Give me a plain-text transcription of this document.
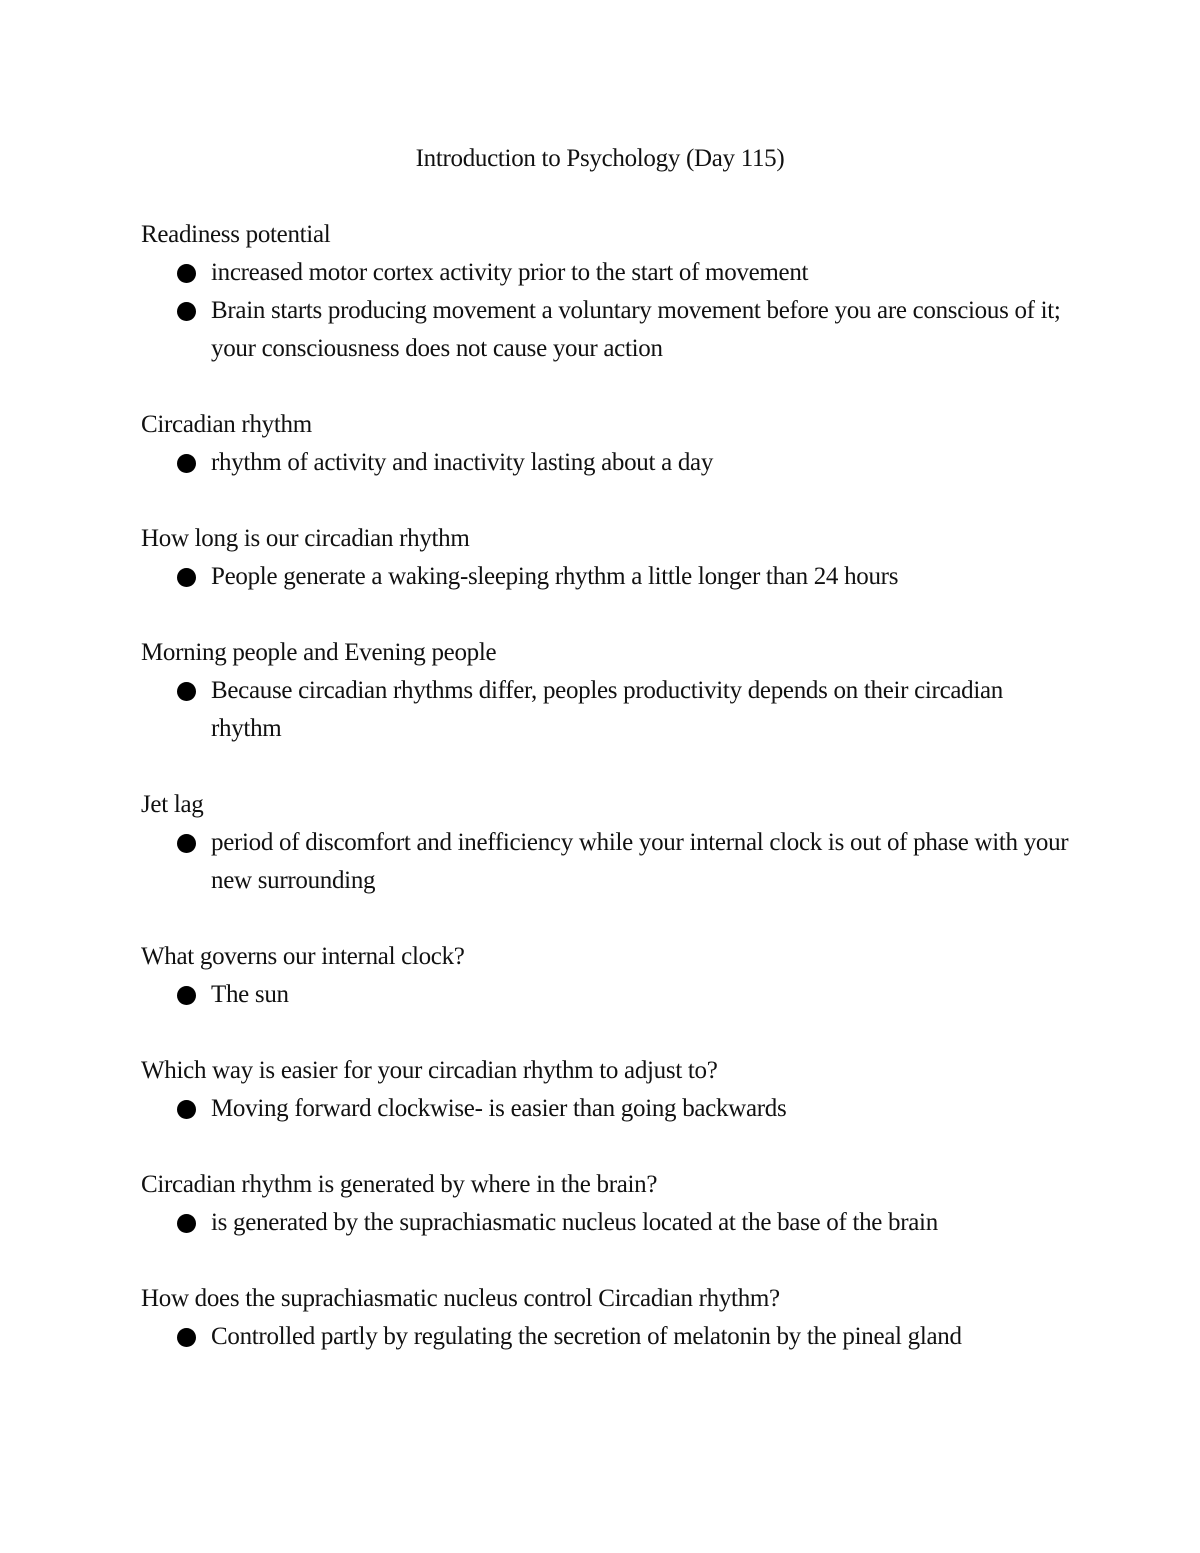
Introduction to Psychology (Day 115)
Readiness potential
increased motor cortex activity prior to the start of movement
Brain starts producing movement a voluntary movement before you are conscious of it; your consciousness does not cause your action
Circadian rhythm
rhythm of activity and inactivity lasting about a day
How long is our circadian rhythm
People generate a waking-sleeping rhythm a little longer than 24 hours
Morning people and Evening people
Because circadian rhythms differ, peoples productivity depends on their circadian rhythm
Jet lag
period of discomfort and inefficiency while your internal clock is out of phase with your new surrounding
What governs our internal clock?
The sun
Which way is easier for your circadian rhythm to adjust to?
Moving forward clockwise- is easier than going backwards
Circadian rhythm is generated by where in the brain?
is generated by the suprachiasmatic nucleus located at the base of the brain
How does the suprachiasmatic nucleus control Circadian rhythm?
Controlled partly by regulating the secretion of melatonin by the pineal gland
